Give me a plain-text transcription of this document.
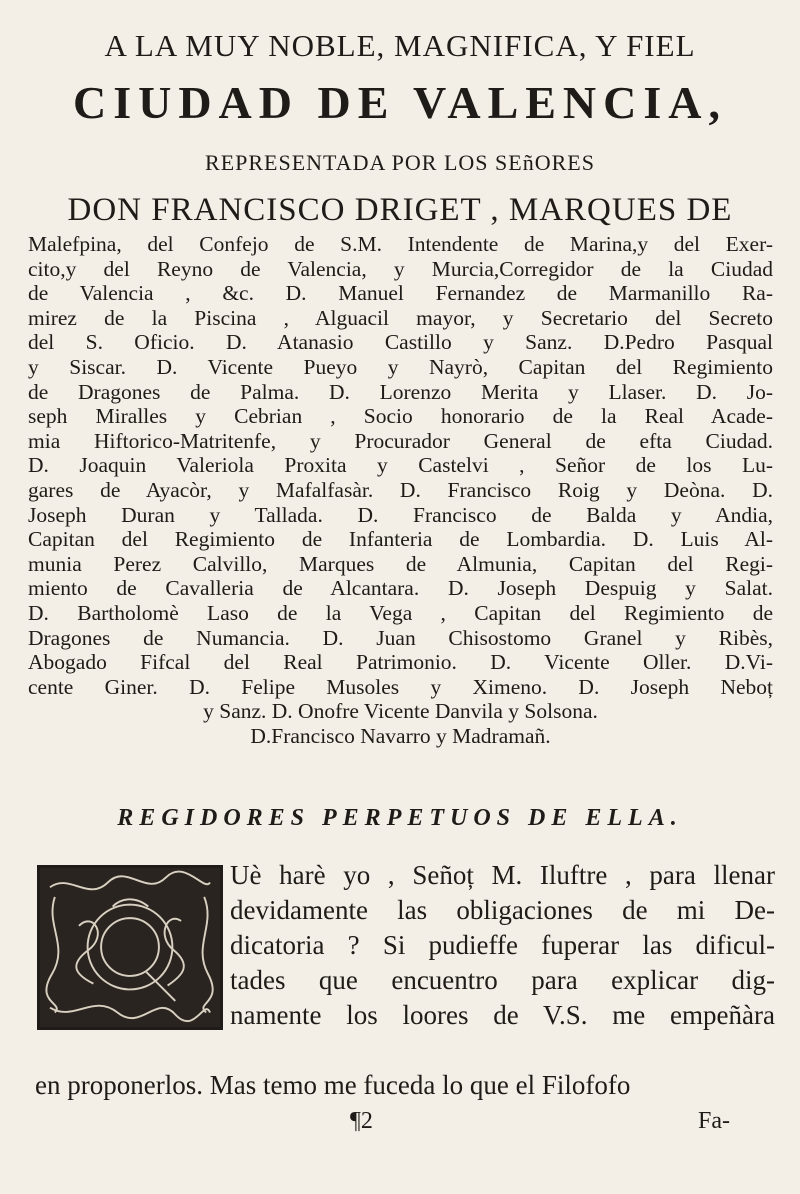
A LA MUY NOBLE, MAGNIFICA, Y FIEL
CIUDAD DE VALENCIA,
REPRESENTADA POR LOS SEñORES
DON FRANCISCO DRIGET , MARQUES DE
Malefpina, del Confejo de S.M. Intendente de Marina,y del Exer-
cito,y del Reyno de Valencia, y Murcia,Corregidor de la Ciudad
de Valencia , &c. D. Manuel Fernandez de Marmanillo Ra-
mirez de la Piscina , Alguacil mayor, y Secretario del Secreto
del S. Oficio. D. Atanasio Castillo y Sanz. D.Pedro Pasqual
y Siscar. D. Vicente Pueyo y Nayrò, Capitan del Regimiento
de Dragones de Palma. D. Lorenzo Merita y Llaser. D. Jo-
seph Miralles y Cebrian , Socio honorario de la Real Acade-
mia Hiftorico-Matritenfe, y Procurador General de efta Ciudad.
D. Joaquin Valeriola Proxita y Castelvi , Señor de los Lu-
gares de Ayacòr, y Mafalfasàr. D. Francisco Roig y Deòna. D.
Joseph Duran y Tallada. D. Francisco de Balda y Andia,
Capitan del Regimiento de Infanteria de Lombardia. D. Luis Al-
munia Perez Calvillo, Marques de Almunia, Capitan del Regi-
miento de Cavalleria de Alcantara. D. Joseph Despuig y Salat.
D. Bartholomè Laso de la Vega , Capitan del Regimiento de
Dragones de Numancia. D. Juan Chisostomo Granel y Ribès,
Abogado Fifcal del Real Patrimonio. D. Vicente Oller. D.Vi-
cente Giner. D. Felipe Musoles y Ximeno. D. Joseph Neboț
y Sanz. D. Onofre Vicente Danvila y Solsona.
D.Francisco Navarro y Madramañ.
REGIDORES PERPETUOS DE ELLA.
Uè harè yo , Señoț M. Iluftre , para llenar
devidamente las obligaciones de mi De-
dicatoria ? Si pudieffe fuperar las dificul-
tades que encuentro para explicar dig-
namente los loores de V.S. me empeñàra
en proponerlos. Mas temo me fuceda lo que el Filofofo
¶2	Fa-
